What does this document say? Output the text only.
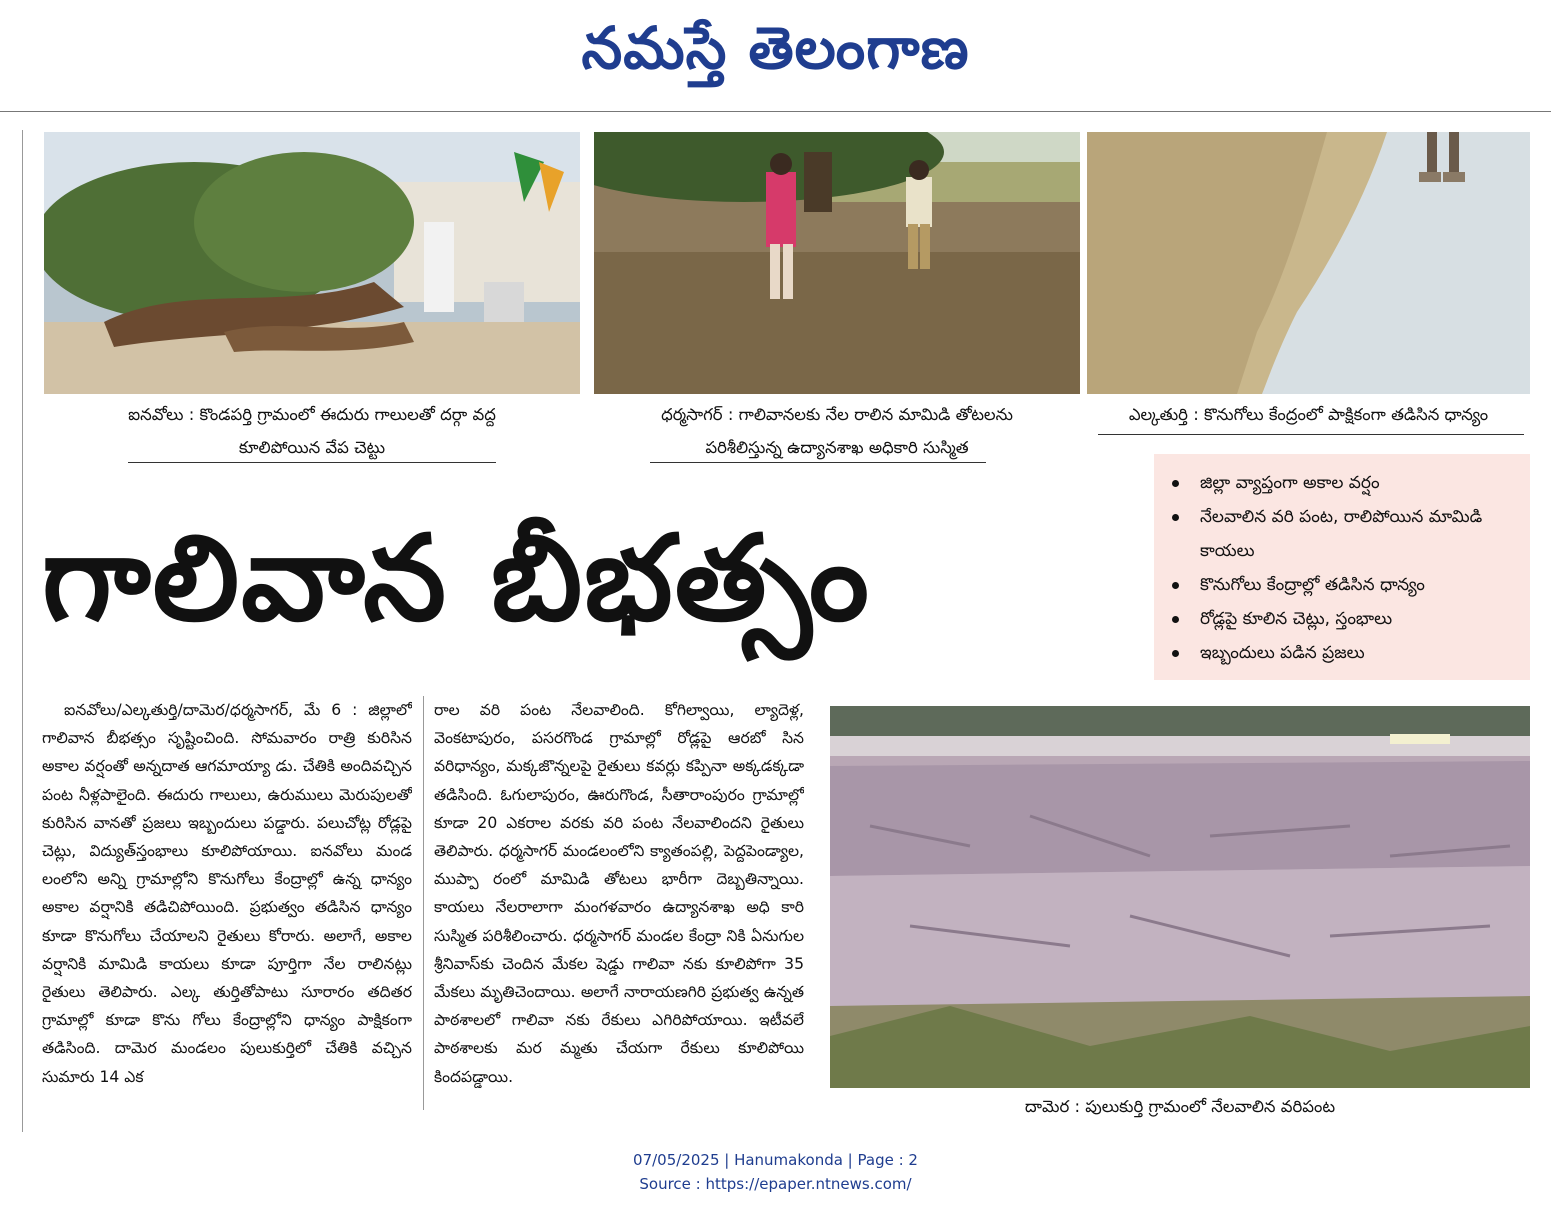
నమస్తే తెలంగాణ
ఐనవోలు : కొండపర్తి గ్రామంలో ఈదురు గాలులతో దర్గా వద్ద
కూలిపోయిన వేప చెట్టు
ధర్మసాగర్ : గాలివానలకు నేల రాలిన మామిడి తోటలను
పరిశీలిస్తున్న ఉద్యానశాఖ అధికారి సుస్మిత
ఎల్కతుర్తి : కొనుగోలు కేంద్రంలో పాక్షికంగా తడిసిన ధాన్యం
గాలివాన బీభత్సం
జిల్లా వ్యాప్తంగా అకాల వర్షం
నేలవాలిన వరి పంట, రాలిపోయిన మామిడి కాయలు
కొనుగోలు కేంద్రాల్లో తడిసిన ధాన్యం
రోడ్లపై కూలిన చెట్లు, స్తంభాలు
ఇబ్బందులు పడిన ప్రజలు

ఐనవోలు/ఎల్కతుర్తి/దామెర/ధర్మసాగర్, మే 6 : జిల్లాలో గాలివాన బీభత్సం సృష్టించింది. సోమవారం రాత్రి కురిసిన అకాల వర్షంతో అన్నదాత ఆగమాయ్యా డు. చేతికి అందివచ్చిన పంట నీళ్లపాలైంది. ఈదురు గాలులు, ఉరుములు మెరుపులతో కురిసిన వానతో ప్రజలు ఇబ్బందులు పడ్డారు. పలుచోట్ల రోడ్లపై చెట్లు, విద్యుత్‌స్తంభాలు కూలిపోయాయి. ఐనవోలు మండ లంలోని అన్ని గ్రామాల్లోని కొనుగోలు కేంద్రాల్లో ఉన్న ధాన్యం అకాల వర్షానికి తడిచిపోయింది. ప్రభుత్వం తడిసిన ధాన్యం కూడా కొనుగోలు చేయాలని రైతులు కోరారు. అలాగే, అకాల వర్షానికి మామిడి కాయలు కూడా పూర్తిగా నేల రాలినట్లు రైతులు తెలిపారు. ఎల్క తుర్తితోపాటు సూరారం తదితర గ్రామాల్లో కూడా కొను గోలు కేంద్రాల్లోని ధాన్యం పాక్షికంగా తడిసింది. దామెర మండలం పులుకుర్తిలో చేతికి వచ్చిన సుమారు 14 ఎక

రాల వరి పంట నేలవాలింది. కోగిల్వాయి, ల్యాదెళ్ల, వెంకటాపురం, పసరగొండ గ్రామాల్లో రోడ్లపై ఆరబో సిన వరిధాన్యం, మక్కజొన్నలపై రైతులు కవర్లు కప్పినా అక్కడక్కడా తడిసింది. ఓగులాపురం, ఊరుగొండ, సీతారాంపురం గ్రామాల్లో కూడా 20 ఎకరాల వరకు వరి పంట నేలవాలిందని రైతులు తెలిపారు. ధర్మసాగర్ మండలంలోని క్యాతంపల్లి, పెద్దపెండ్యాల, ముప్పా రంలో మామిడి తోటలు భారీగా దెబ్బతిన్నాయి. కాయలు నేలరాలాగా మంగళవారం ఉద్యానశాఖ అధి కారి సుస్మిత పరిశీలించారు. ధర్మసాగర్ మండల కేంద్రా నికి ఏనుగుల శ్రీనివాస్‌కు చెందిన మేకల షెడ్డు గాలివా నకు కూలిపోగా 35 మేకలు మృతిచెందాయి. అలాగే నారాయణగిరి ప్రభుత్వ ఉన్నత పాఠశాలలో గాలివా నకు రేకులు ఎగిరిపోయాయి. ఇటీవలే పాఠశాలకు మర మ్మతు చేయగా రేకులు కూలిపోయి కిందపడ్డాయి.

దామెర : పులుకుర్తి గ్రామంలో నేలవాలిన వరిపంట
07/05/2025 | Hanumakonda | Page : 2
Source : https://epaper.ntnews.com/
